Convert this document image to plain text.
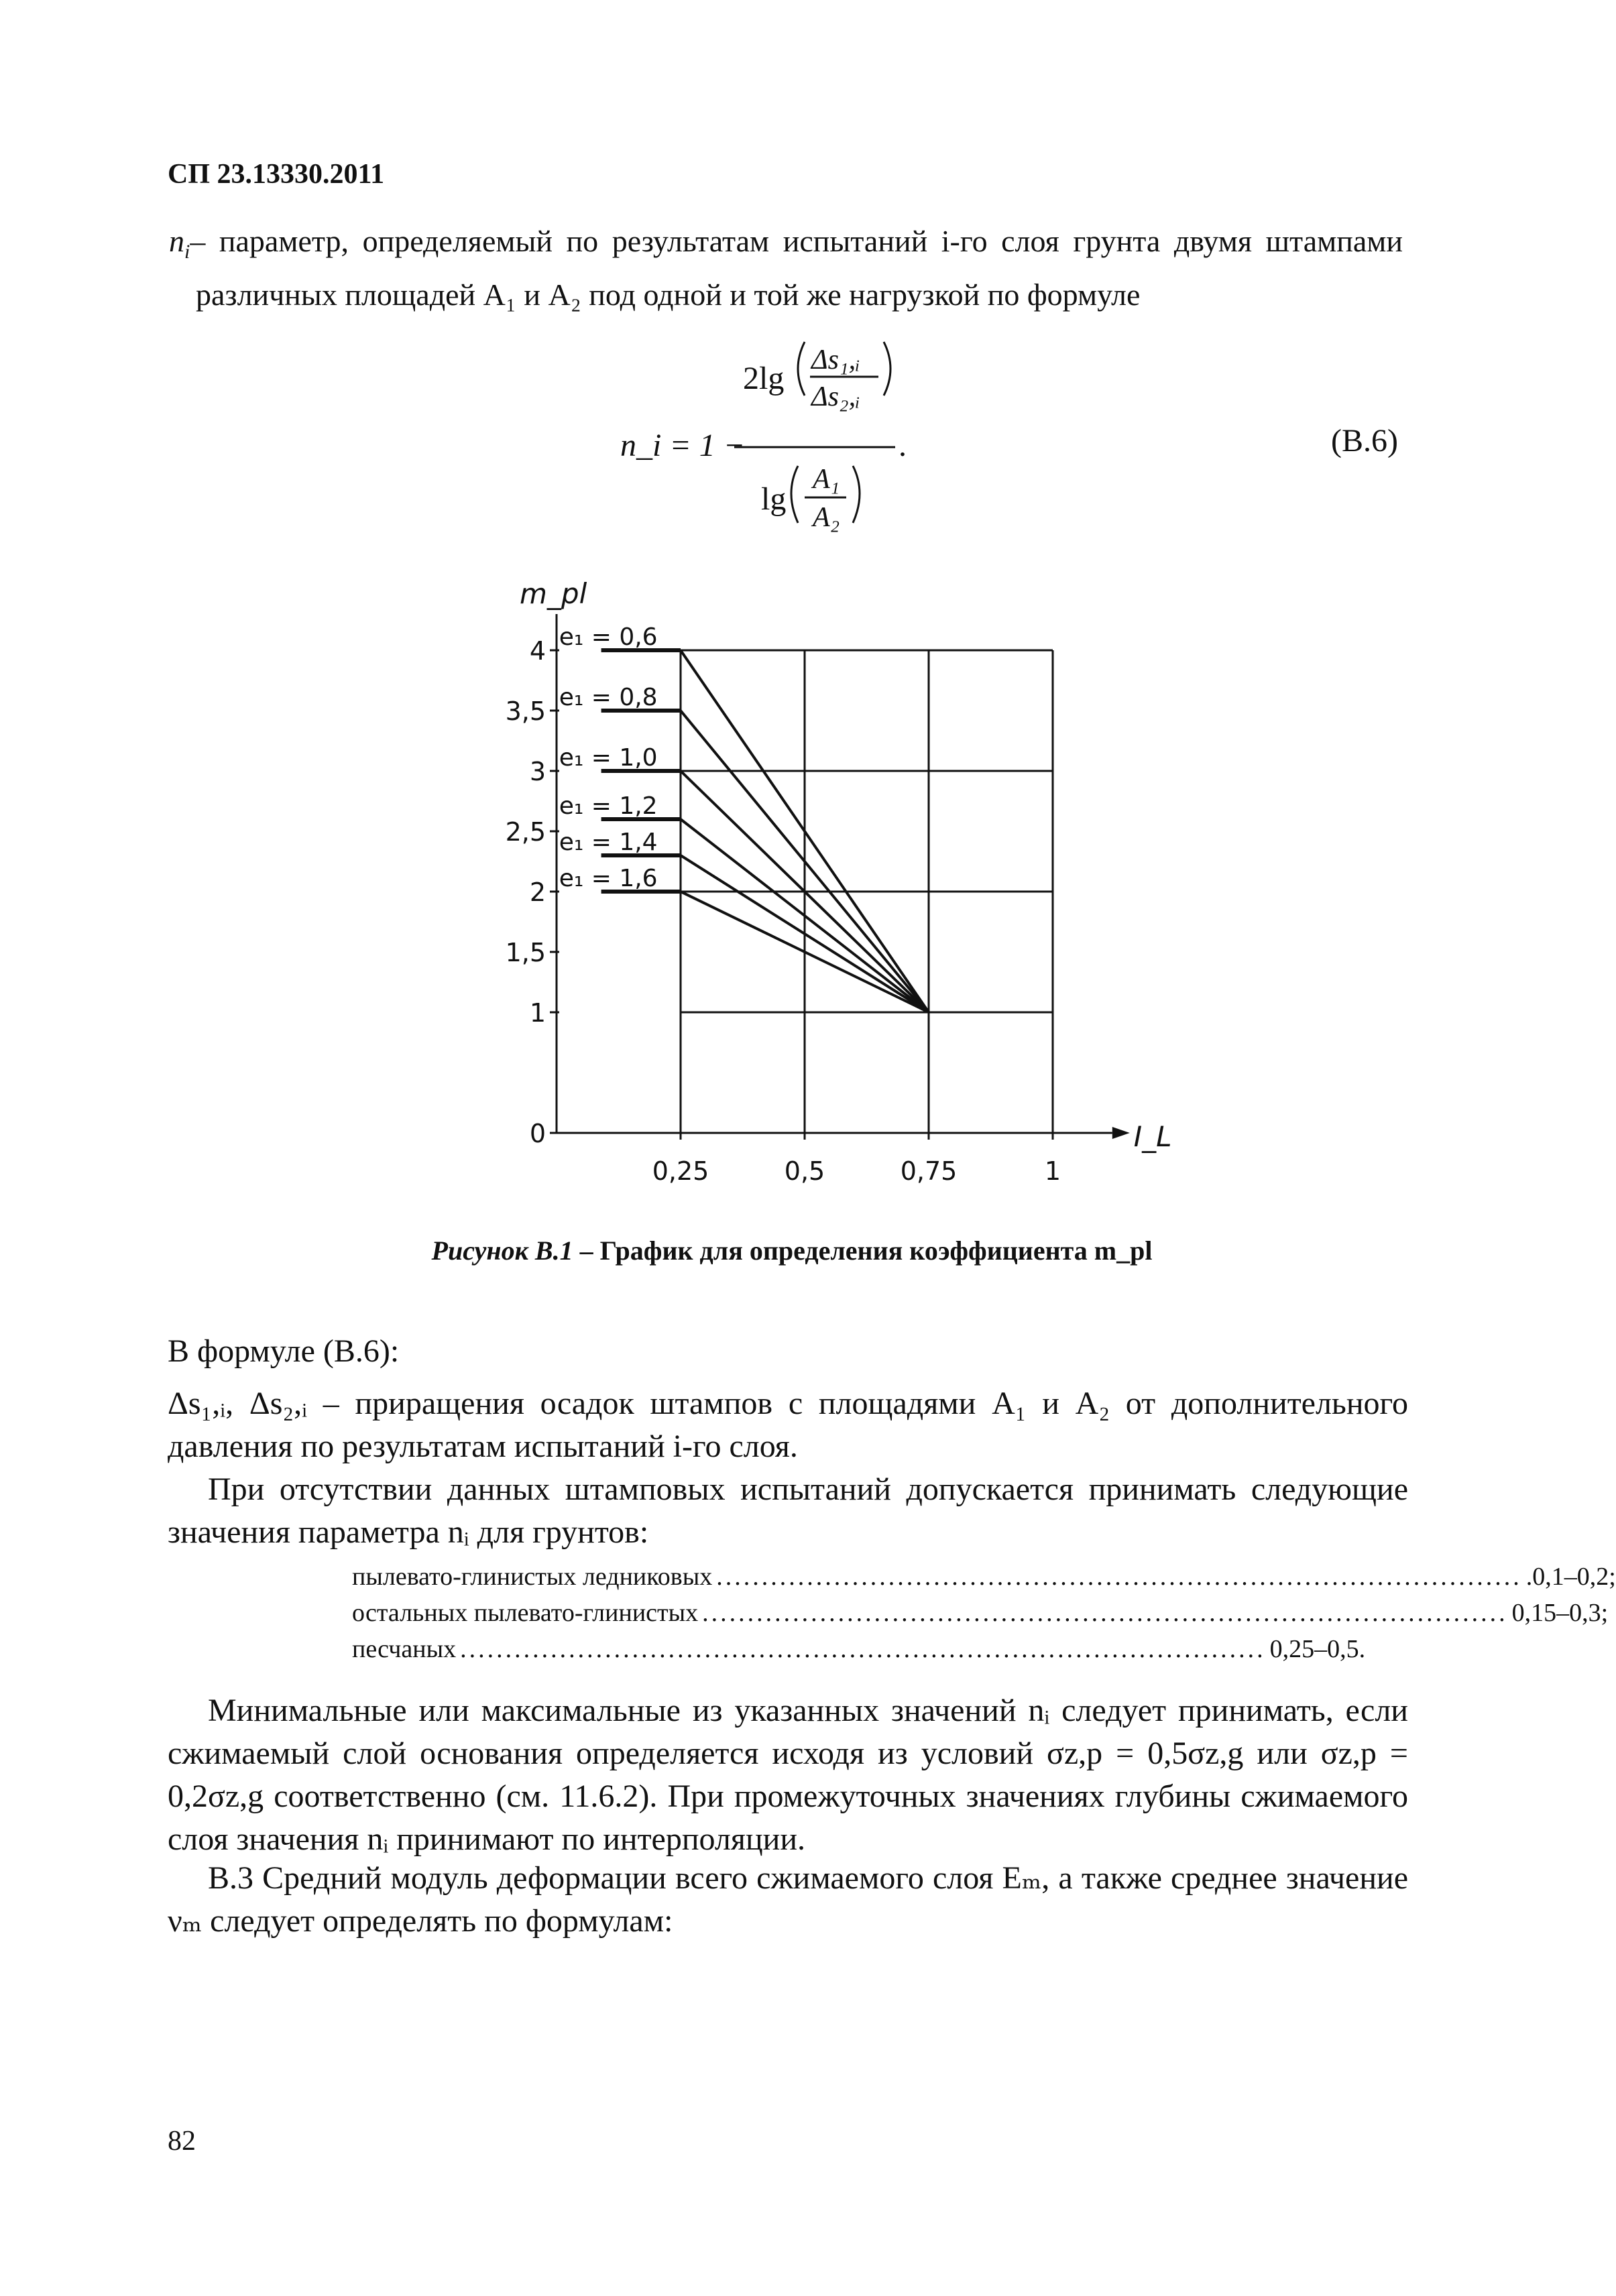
СП 23.13330.2011
$n_i-$ параметр, определяемый по результатам испытаний i-го слоя грунта двумя штампами различных площадей A₁ и A₂ под одной и той же нагрузкой по формуле
n_i = 1 −	.
2lg
Δs₁,ᵢ
Δs₂,ᵢ
lg
A₁
A₂
(В.6)
0
1
1,5
2
2,5
3
3,5
4
0,25	0,5	0,75	1
m_pl
I_L
e₁ = 0,6
e₁ = 0,8
e₁ = 1,0
e₁ = 1,2
e₁ = 1,4
e₁ = 1,6
Рисунок В.1 – График для определения коэффициента m_pl
В формуле (В.6):
Δs₁,ᵢ, Δs₂,ᵢ – приращения осадок штампов с площадями A₁ и A₂ от дополнительного давления по результатам испытаний i-го слоя.
При отсутствии данных штамповых испытаний допускается принимать следующие значения параметра nᵢ для грунтов:
пылевато-глинистых ледниковых ......................................................................................... .0,1–0,2;
остальных пылевато-глинистых ......................................................................................... 0,15–0,3;
песчаных ......................................................................................... 0,25–0,5.
Минимальные или максимальные из указанных значений nᵢ следует принимать, если сжимаемый слой основания определяется исходя из условий σz,p = 0,5σz,g или σz,p = 0,2σz,g соответственно (см. 11.6.2). При промежуточных значениях глубины сжимаемого слоя значения nᵢ принимают по интерполяции.
В.3 Средний модуль деформации всего сжимаемого слоя Eₘ, а также среднее значение νₘ следует определять по формулам:
82
